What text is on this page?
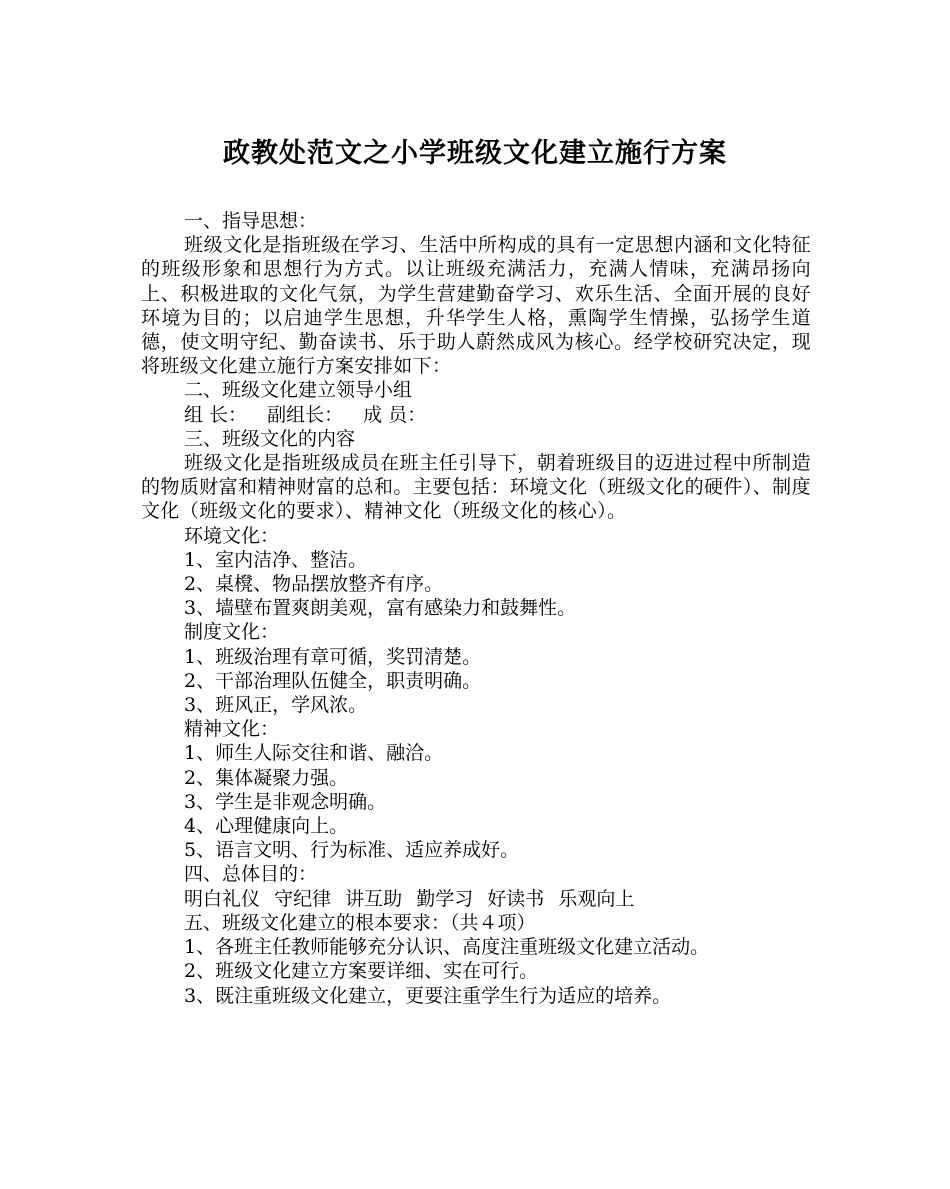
政教处范文之小学班级文化建立施行方案

一、指导思想：

班级文化是指班级在学习、生活中所构成的具有一定思想内涵和文化特征的班级形象和思想行为方式。以让班级充满活力，充满人情味，充满昂扬向上、积极进取的文化气氛，为学生营建勤奋学习、欢乐生活、全面开展的良好环境为目的；以启迪学生思想，升华学生人格，熏陶学生情操，弘扬学生道德，使文明守纪、勤奋读书、乐于助人蔚然成风为核心。经学校研究决定，现将班级文化建立施行方案安排如下：

二、班级文化建立领导小组

组 长： 副组长： 成 员：

三、班级文化的内容

班级文化是指班级成员在班主任引导下，朝着班级目的迈进过程中所制造的物质财富和精神财富的总和。主要包括：环境文化（班级文化的硬件）、制度文化（班级文化的要求）、精神文化（班级文化的核心）。

环境文化：

1、室内洁净、整洁。

2、桌櫈、物品摆放整齐有序。

3、墙壁布置爽朗美观，富有感染力和鼓舞性。

制度文化：

1、班级治理有章可循，奖罚清楚。

2、干部治理队伍健全，职责明确。

3、班风正，学风浓。

精神文化：

1、师生人际交往和谐、融洽。

2、集体凝聚力强。

3、学生是非观念明确。

4、心理健康向上。

5、语言文明、行为标准、适应养成好。

四、总体目的：

明白礼仪 守纪律 讲互助 勤学习 好读书 乐观向上

五、班级文化建立的根本要求：（共４项）

1、各班主任教师能够充分认识、高度注重班级文化建立活动。

2、班级文化建立方案要详细、实在可行。

3、既注重班级文化建立，更要注重学生行为适应的培养。
